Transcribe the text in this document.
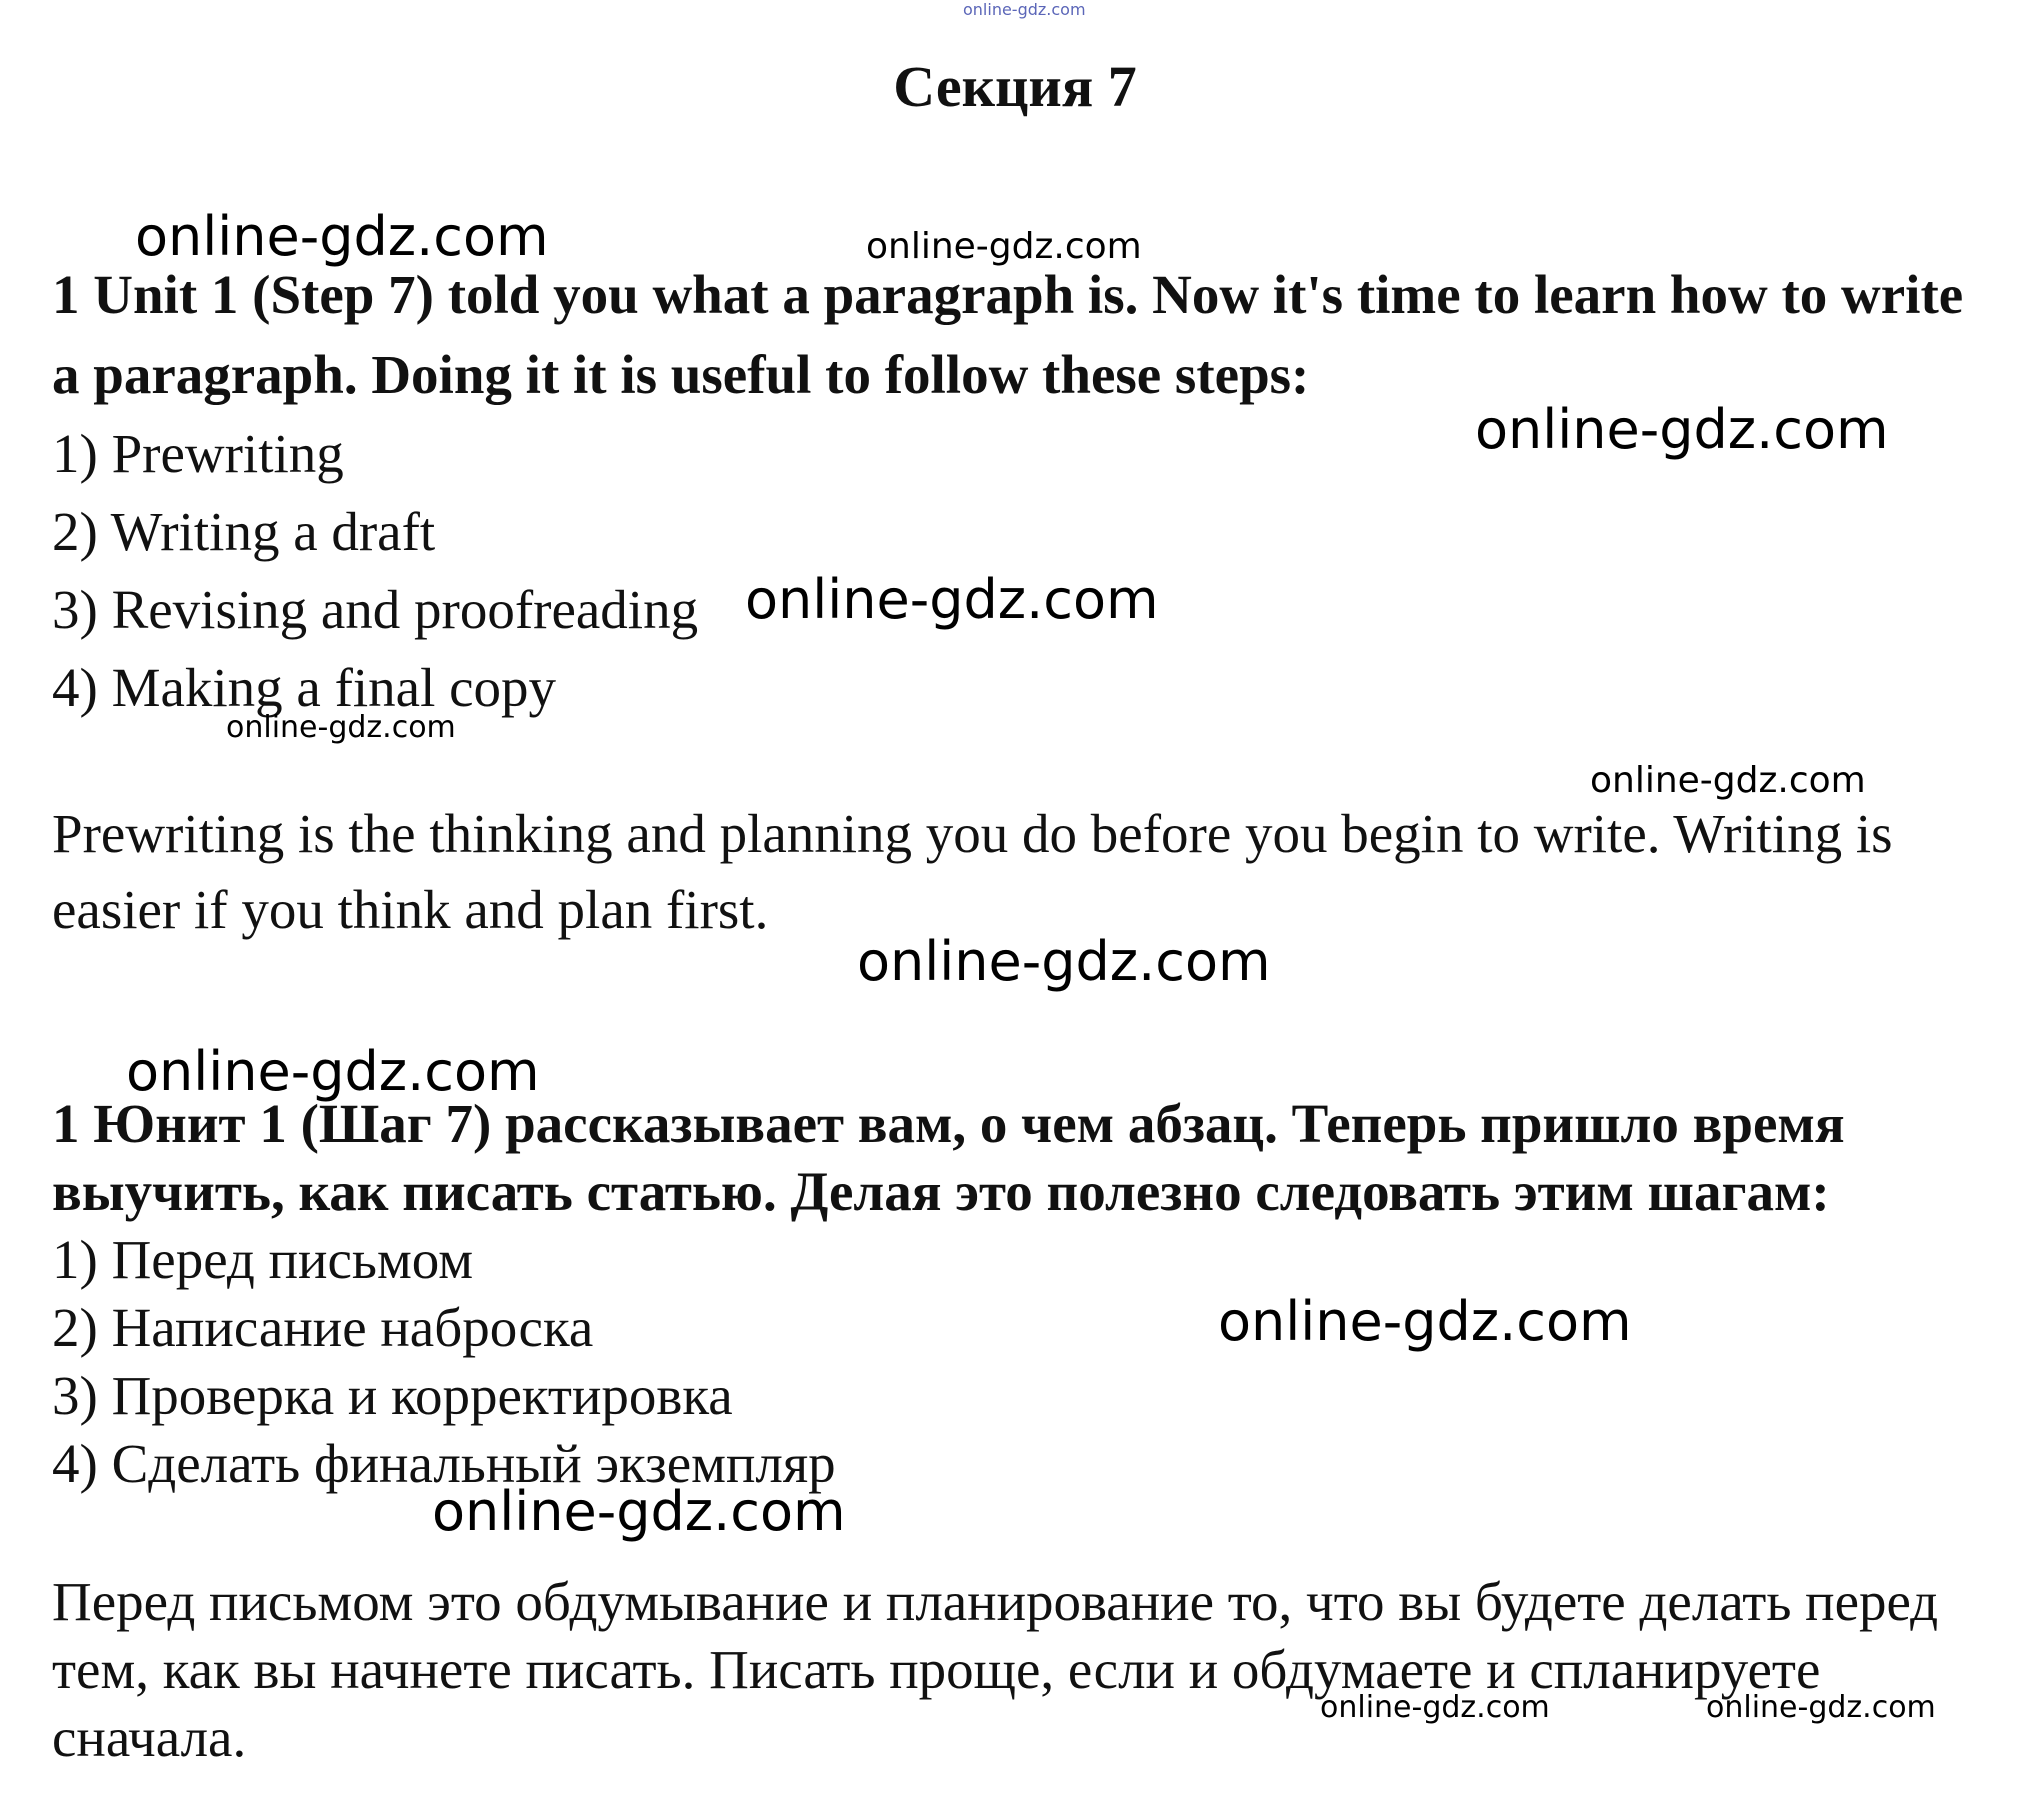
Секция 7

1 Unit 1 (Step 7) told you what a paragraph is. Now it's time to learn how to write a paragraph. Doing it it is useful to follow these steps:

1) Prewriting
2) Writing a draft
3) Revising and proofreading
4) Making a final copy

Prewriting is the thinking and planning you do before you begin to write. Writing is easier if you think and plan first.

1 Юнит 1 (Шаг 7) рассказывает вам, о чем абзац. Теперь пришло время выучить, как писать статью. Делая это полезно следовать этим шагам:

1) Перед письмом
2) Написание наброска
3) Проверка и корректировка
4) Сделать финальный экземпляр

Перед письмом это обдумывание и планирование то, что вы будете делать перед тем, как вы начнете писать. Писать проще, если и обдумаете и спланируете сначала.

online-gdz.com
online-gdz.com	online-gdz.com
online-gdz.com
online-gdz.com
online-gdz.com
online-gdz.com
online-gdz.com
online-gdz.com
online-gdz.com
online-gdz.com
online-gdz.com	online-gdz.com
